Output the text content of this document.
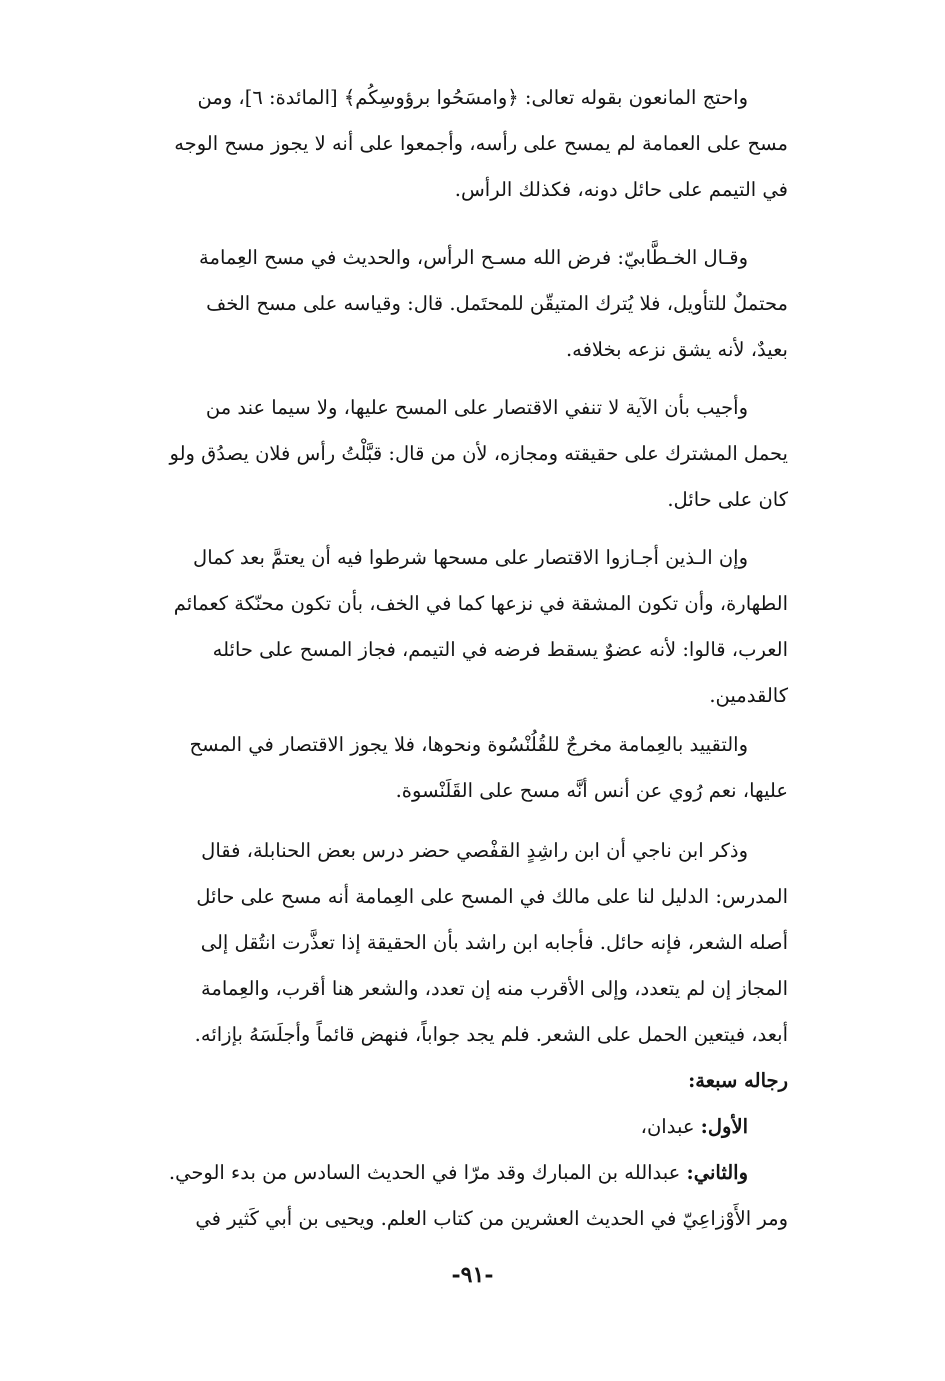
واحتج المانعون بقوله تعالى: ﴿وامسَحُوا برؤوسِكُم﴾ [المائدة: ٦]، ومن

مسح على العمامة لم يمسح على رأسه، وأجمعوا على أنه لا يجوز مسح الوجه

في التيمم على حائل دونه، فكذلك الرأس.

وقـال الخـطَّابيّ: فرض الله مسـح الرأس، والحديث في مسح العِمامة

محتملٌ للتأويل، فلا يُترك المتيقّن للمحتَمل. قال: وقياسه على مسح الخف

بعيدٌ، لأنه يشق نزعه بخلافه.

وأجيب بأن الآية لا تنفي الاقتصار على المسح عليها، ولا سيما عند من

يحمل المشترك على حقيقته ومجازه، لأن من قال: قبَّلْتُ رأس فلان يصدُق ولو

كان على حائل.

وإن الـذين أجـازوا الاقتصار على مسحها شرطوا فيه أن يعتمَّ بعد كمال

الطهارة، وأن تكون المشقة في نزعها كما في الخف، بأن تكون محنّكة كعمائم

العرب، قالوا: لأنه عضوٌ يسقط فرضه في التيمم، فجاز المسح على حائله

كالقدمين.

والتقييد بالعِمامة مخرجٌ للقُلُنْسُوة ونحوها، فلا يجوز الاقتصار في المسح

عليها، نعم رُوي عن أنس أنَّه مسح على القَلَنْسوة.

وذكر ابن ناجي أن ابن راشِدٍ القفْصي حضر درس بعض الحنابلة، فقال

المدرس: الدليل لنا على مالك في المسح على العِمامة أنه مسح على حائل

أصله الشعر، فإنه حائل. فأجابه ابن راشد بأن الحقيقة إذا تعذَّرت انتُقل إلى

المجاز إن لم يتعدد، وإلى الأقرب منه إن تعدد، والشعر هنا أقرب، والعِمامة

أبعد، فيتعين الحمل على الشعر. فلم يجد جواباً، فنهض قائماً وأجلَسَهُ بإزائه.

رجاله سبعة:

الأول: عبدان،

والثاني: عبدالله بن المبارك وقد مرّا في الحديث السادس من بدء الوحي.

ومر الأَوْزاعِيّ في الحديث العشرين من كتاب العلم. ويحيى بن أبي كَثير في

-٩١-
